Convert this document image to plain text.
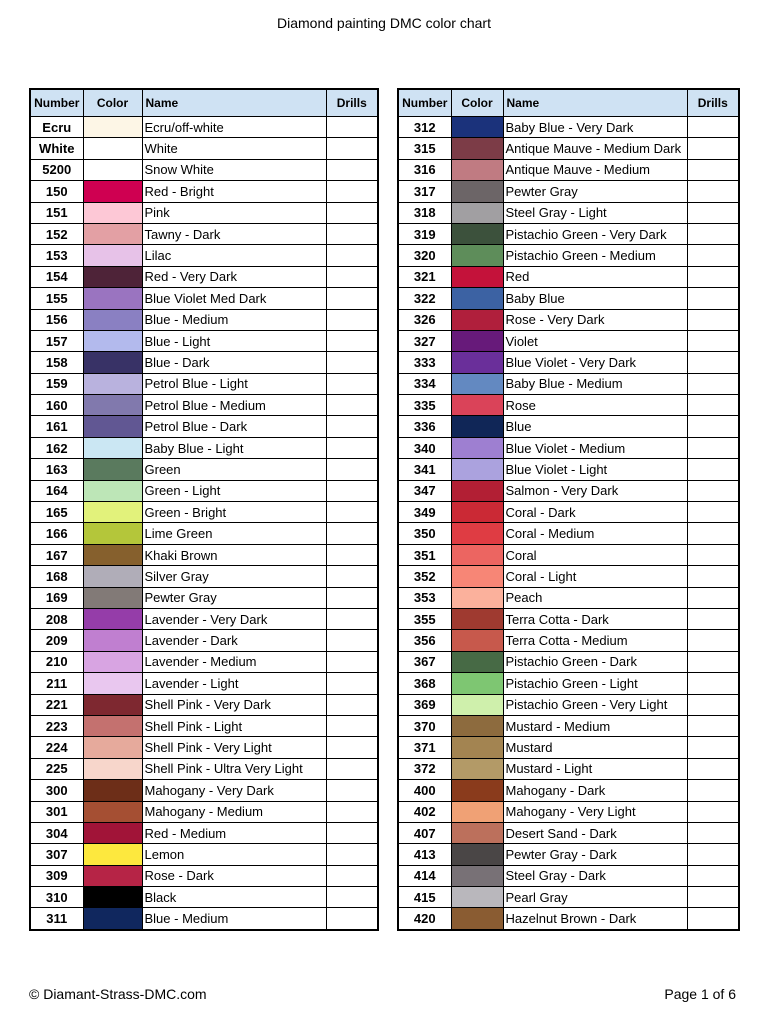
Diamond painting DMC color chart
Number	Color	Name	Drills
Ecru		Ecru/off-white	
White		White	
5200		Snow White	
150		Red - Bright	
151		Pink	
152		Tawny - Dark	
153		Lilac	
154		Red - Very Dark	
155		Blue Violet Med Dark	
156		Blue - Medium	
157		Blue - Light	
158		Blue - Dark	
159		Petrol Blue - Light	
160		Petrol Blue - Medium	
161		Petrol Blue - Dark	
162		Baby Blue - Light	
163		Green	
164		Green - Light	
165		Green - Bright	
166		Lime Green	
167		Khaki Brown	
168		Silver Gray	
169		Pewter Gray	
208		Lavender - Very Dark	
209		Lavender - Dark	
210		Lavender - Medium	
211		Lavender - Light	
221		Shell Pink - Very Dark	
223		Shell Pink - Light	
224		Shell Pink - Very Light	
225		Shell Pink - Ultra Very Light	
300		Mahogany - Very Dark	
301		Mahogany - Medium	
304		Red - Medium	
307		Lemon	
309		Rose - Dark	
310		Black	
311		Blue - Medium	
Number	Color	Name	Drills
312		Baby Blue - Very Dark	
315		Antique Mauve - Medium Dark	
316		Antique Mauve - Medium	
317		Pewter Gray	
318		Steel Gray - Light	
319		Pistachio Green - Very Dark	
320		Pistachio Green - Medium	
321		Red	
322		Baby Blue	
326		Rose - Very Dark	
327		Violet	
333		Blue Violet - Very Dark	
334		Baby Blue - Medium	
335		Rose	
336		Blue	
340		Blue Violet - Medium	
341		Blue Violet - Light	
347		Salmon - Very Dark	
349		Coral - Dark	
350		Coral - Medium	
351		Coral	
352		Coral - Light	
353		Peach	
355		Terra Cotta - Dark	
356		Terra Cotta - Medium	
367		Pistachio Green - Dark	
368		Pistachio Green - Light	
369		Pistachio Green - Very Light	
370		Mustard - Medium	
371		Mustard	
372		Mustard - Light	
400		Mahogany - Dark	
402		Mahogany - Very Light	
407		Desert Sand - Dark	
413		Pewter Gray - Dark	
414		Steel Gray - Dark	
415		Pearl Gray	
420		Hazelnut Brown - Dark	
© Diamant-Strass-DMC.com	Page 1 of 6
